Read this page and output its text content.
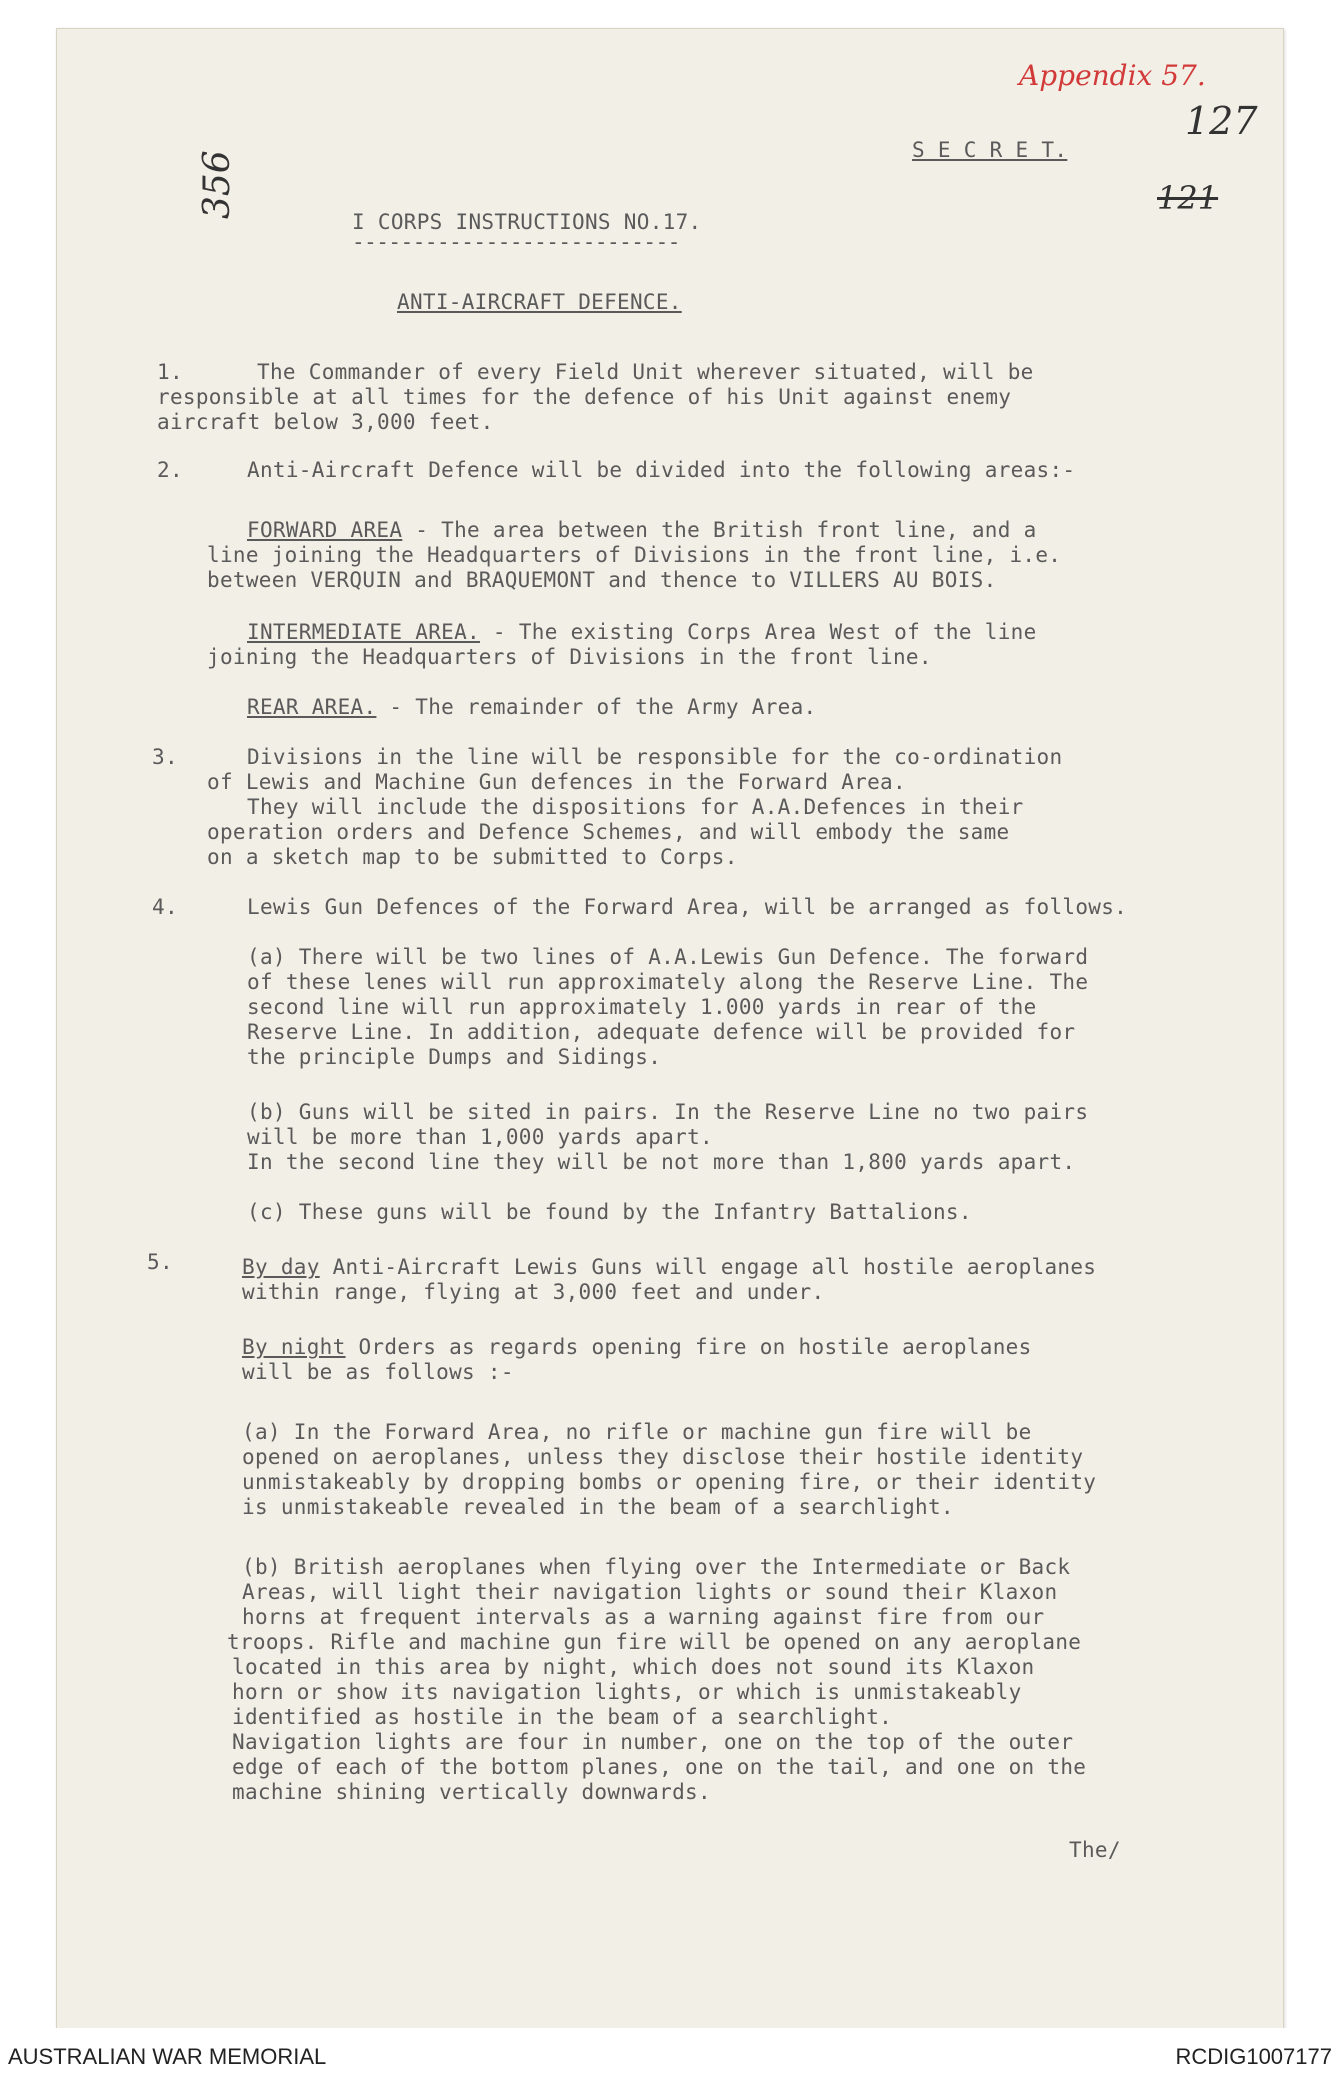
Appendix 57.
127
121
356
S E C R E T.
I CORPS INSTRUCTIONS NO.17.
---------------------------
ANTI-AIRCRAFT DEFENCE.
1.	The Commander of every Field Unit wherever situated, will be
responsible at all times for the defence of his Unit against enemy
aircraft below 3,000 feet.
2.	Anti-Aircraft Defence will be divided into the following areas:-
FORWARD AREA - The area between the British front line, and a
line joining the Headquarters of Divisions in the front line, i.e.
between VERQUIN and BRAQUEMONT and thence to VILLERS AU BOIS.
INTERMEDIATE AREA. - The existing Corps Area West of the line
joining the Headquarters of Divisions in the front line.
REAR AREA. - The remainder of the Army Area.
3.	Divisions in the line will be responsible for the co-ordination
of Lewis and Machine Gun defences in the Forward Area.
They will include the dispositions for A.A.Defences in their
operation orders and Defence Schemes, and will embody the same
on a sketch map to be submitted to Corps.
4.	Lewis Gun Defences of the Forward Area, will be arranged as follows.
(a) There will be two lines of A.A.Lewis Gun Defence. The forward
of these lenes will run approximately along the Reserve Line. The
second line will run approximately 1.000 yards in rear of the
Reserve Line. In addition, adequate defence will be provided for
the principle Dumps and Sidings.
(b) Guns will be sited in pairs. In the Reserve Line no two pairs
will be more than 1,000 yards apart.
In the second line they will be not more than 1,800 yards apart.
(c) These guns will be found by the Infantry Battalions.
5.	By day Anti-Aircraft Lewis Guns will engage all hostile aeroplanes
within range, flying at 3,000 feet and under.
By night Orders as regards opening fire on hostile aeroplanes
will be as follows :-
(a) In the Forward Area, no rifle or machine gun fire will be
opened on aeroplanes, unless they disclose their hostile identity
unmistakeably by dropping bombs or opening fire, or their identity
is unmistakeable revealed in the beam of a searchlight.
(b) British aeroplanes when flying over the Intermediate or Back
Areas, will light their navigation lights or sound their Klaxon
horns at frequent intervals as a warning against fire from our
troops. Rifle and machine gun fire will be opened on any aeroplane
located in this area by night, which does not sound its Klaxon
horn or show its navigation lights, or which is unmistakeably
identified as hostile in the beam of a searchlight.
Navigation lights are four in number, one on the top of the outer
edge of each of the bottom planes, one on the tail, and one on the
machine shining vertically downwards.
The/
AUSTRALIAN WAR MEMORIAL	RCDIG1007177
